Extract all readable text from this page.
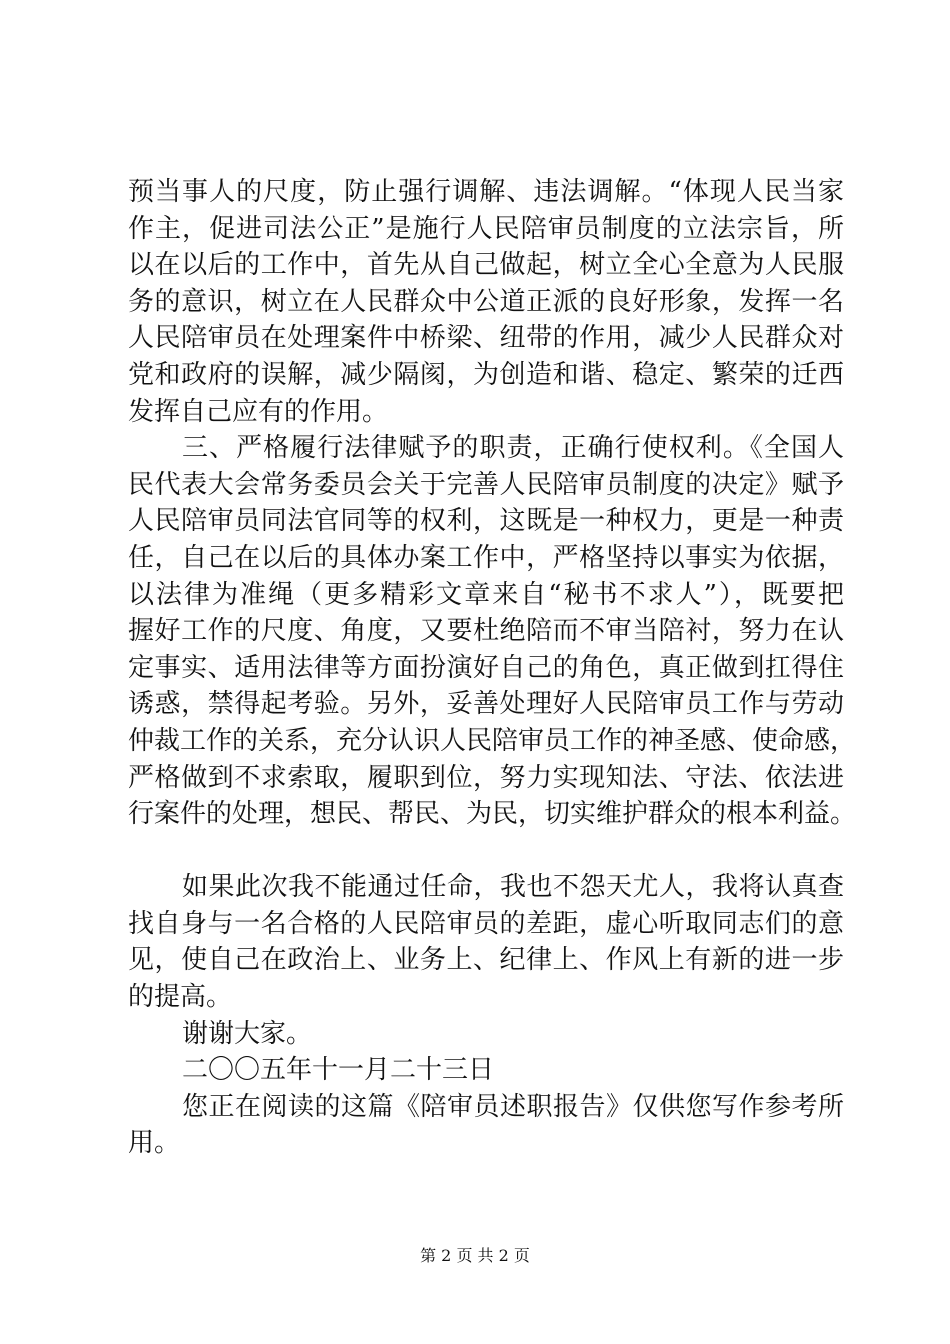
预当事人的尺度，防止强行调解、违法调解。“体现人民当家
作主，促进司法公正”是施行人民陪审员制度的立法宗旨，所
以在以后的工作中，首先从自己做起，树立全心全意为人民服
务的意识，树立在人民群众中公道正派的良好形象，发挥一名
人民陪审员在处理案件中桥梁、纽带的作用，减少人民群众对
党和政府的误解，减少隔阂，为创造和谐、稳定、繁荣的迁西
发挥自己应有的作用。

三、严格履行法律赋予的职责，正确行使权利。《全国人
民代表大会常务委员会关于完善人民陪审员制度的决定》赋予
人民陪审员同法官同等的权利，这既是一种权力，更是一种责
任，自己在以后的具体办案工作中，严格坚持以事实为依据，
以法律为准绳（更多精彩文章来自“秘书不求人”），既要把
握好工作的尺度、角度，又要杜绝陪而不审当陪衬，努力在认
定事实、适用法律等方面扮演好自己的角色，真正做到扛得住
诱惑，禁得起考验。另外，妥善处理好人民陪审员工作与劳动
仲裁工作的关系，充分认识人民陪审员工作的神圣感、使命感，
严格做到不求索取，履职到位，努力实现知法、守法、依法进
行案件的处理，想民、帮民、为民，切实维护群众的根本利益。

如果此次我不能通过任命，我也不怨天尤人，我将认真查
找自身与一名合格的人民陪审员的差距，虚心听取同志们的意
见，使自己在政治上、业务上、纪律上、作风上有新的进一步
的提高。

谢谢大家。

二〇〇五年十一月二十三日

您正在阅读的这篇《陪审员述职报告》仅供您写作参考所
用。

第 2 页 共 2 页
